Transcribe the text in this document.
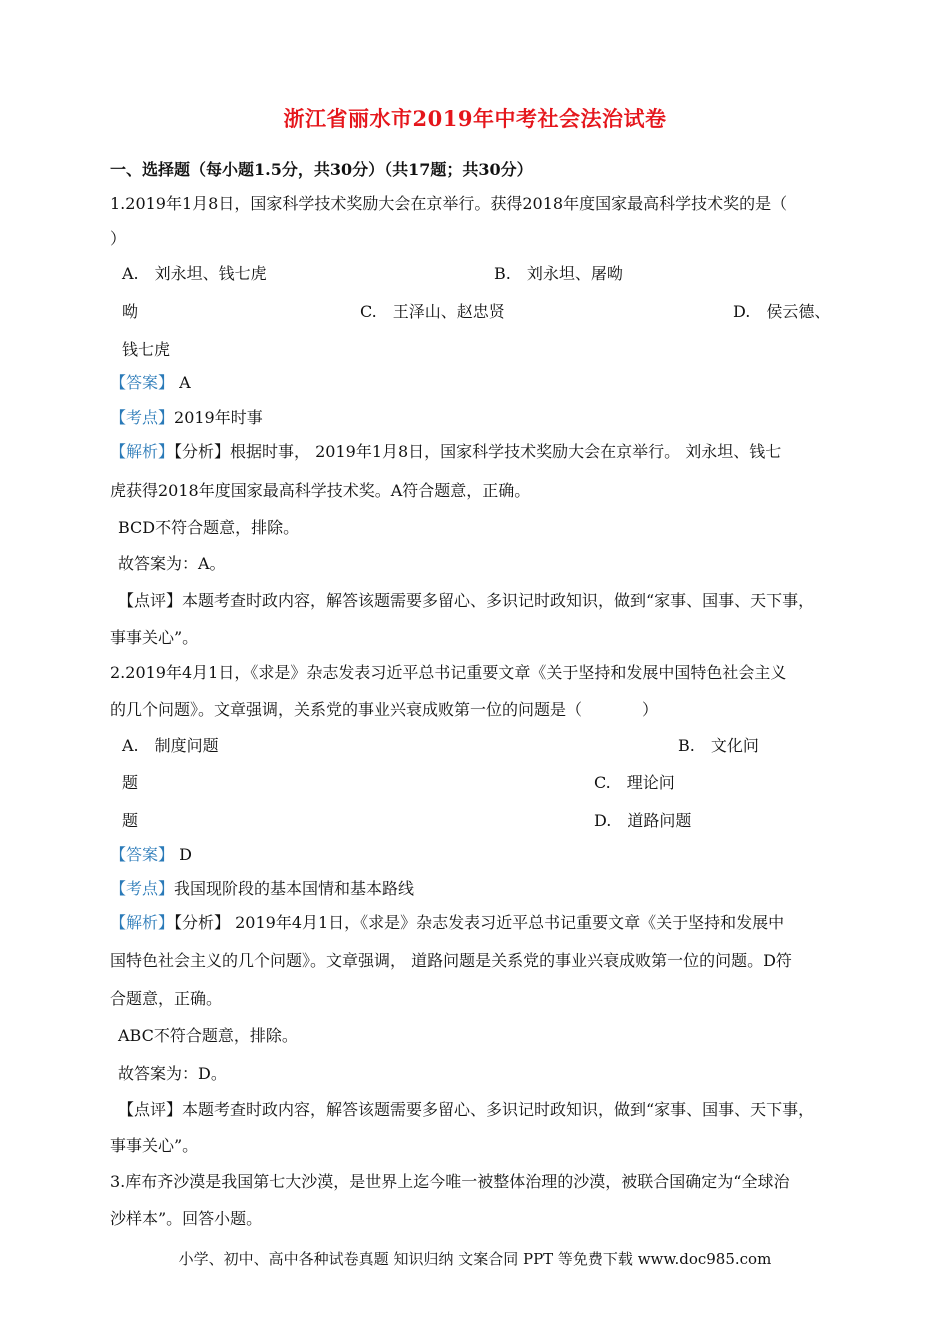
浙江省丽水市2019年中考社会法治试卷
一、选择题（每小题1.5分，共30分）（共17题；共30分）
1.2019年1月8日，国家科学技术奖励大会在京举行。获得2018年度国家最高科学技术奖的是（
）
A.　刘永坦、钱七虎	B.　刘永坦、屠呦
呦	C.　王泽山、赵忠贤	D.　侯云德、
钱七虎
【答案】 A
【考点】2019年时事
【解析】【分析】根据时事， 2019年1月8日，国家科学技术奖励大会在京举行。 刘永坦、钱七
虎获得2018年度国家最高科学技术奖。A符合题意，正确。
BCD不符合题意，排除。
故答案为：A。
【点评】本题考查时政内容，解答该题需要多留心、多识记时政知识，做到“家事、国事、天下事，
事事关心”。
2.2019年4月1日，《求是》杂志发表习近平总书记重要文章《关于坚持和发展中国特色社会主义
的几个问题》。文章强调，关系党的事业兴衰成败第一位的问题是（	）
A.　制度问题	B.　文化问
题	C.　理论问
题	D.　道路问题
【答案】 D
【考点】我国现阶段的基本国情和基本路线
【解析】【分析】 2019年4月1日，《求是》杂志发表习近平总书记重要文章《关于坚持和发展中
国特色社会主义的几个问题》。文章强调， 道路问题是关系党的事业兴衰成败第一位的问题。D符
合题意，正确。
ABC不符合题意，排除。
故答案为：D。
【点评】本题考查时政内容，解答该题需要多留心、多识记时政知识，做到“家事、国事、天下事，
事事关心”。
3.库布齐沙漠是我国第七大沙漠，是世界上迄今唯一被整体治理的沙漠，被联合国确定为“全球治
沙样本”。回答小题。
小学、初中、高中各种试卷真题 知识归纳 文案合同 PPT 等免费下载 www.doc985.com
